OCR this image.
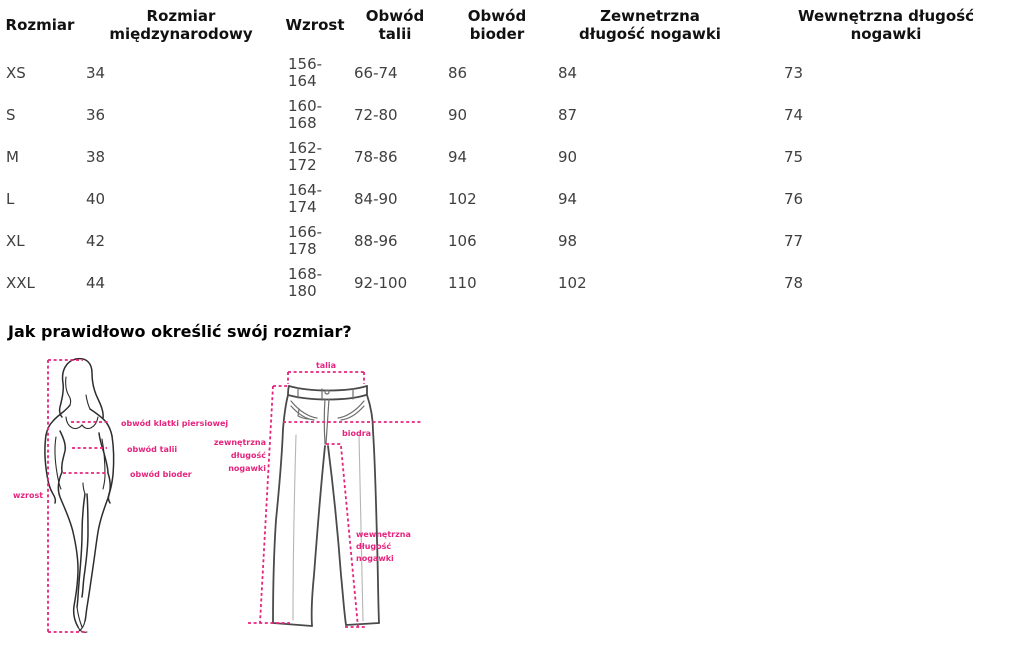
Rozmiar	Rozmiar międzynarodowy	Wzrost	Obwód talii	Obwód bioder	Zewnetrzna długość nogawki	Wewnętrzna długość nogawki
XS	34	156-164	66-74	86	84	73
S	36	160-168	72-80	90	87	74
M	38	162-172	78-86	94	90	75
L	40	164-174	84-90	102	94	76
XL	42	166-178	88-96	106	98	77
XXL	44	168-180	92-100	110	102	78
Jak prawidłowo określić swój rozmiar?
obwód klatki piersiowej
obwód talii
obwód bioder
wzrost
talia
biodra
zewnętrzna
długość
nogawki
wewnętrzna
długość
nogawki
